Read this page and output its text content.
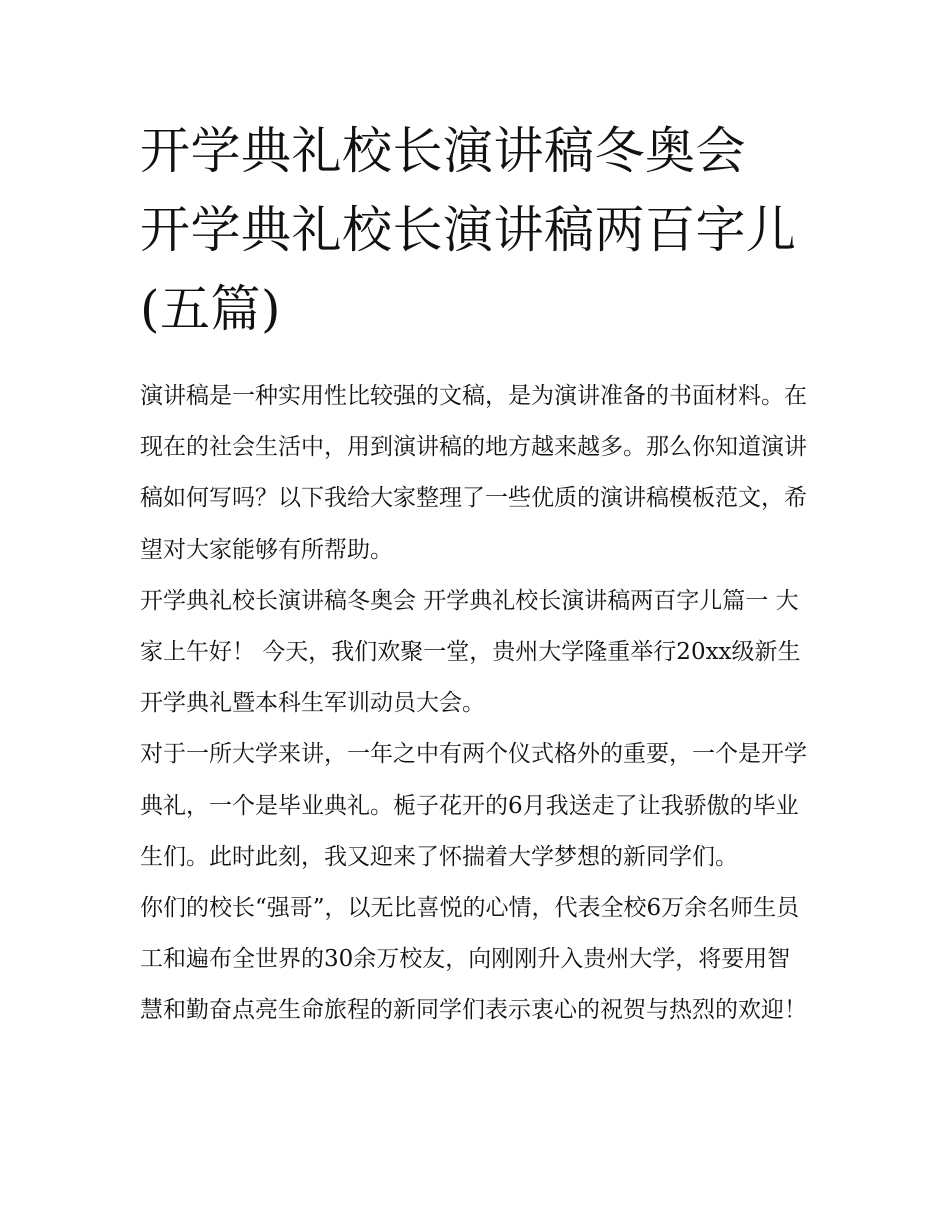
开学典礼校长演讲稿冬奥会 开学典礼校长演讲稿两百字儿(五篇)

演讲稿是一种实用性比较强的文稿，是为演讲准备的书面材料。在现在的社会生活中，用到演讲稿的地方越来越多。那么你知道演讲稿如何写吗？以下我给大家整理了一些优质的演讲稿模板范文，希望对大家能够有所帮助。

开学典礼校长演讲稿冬奥会 开学典礼校长演讲稿两百字儿篇一 大家上午好！ 今天，我们欢聚一堂，贵州大学隆重举行20xx级新生开学典礼暨本科生军训动员大会。

对于一所大学来讲，一年之中有两个仪式格外的重要，一个是开学典礼，一个是毕业典礼。栀子花开的6月我送走了让我骄傲的毕业生们。此时此刻，我又迎来了怀揣着大学梦想的新同学们。

你们的校长“强哥”，以无比喜悦的心情，代表全校6万余名师生员工和遍布全世界的30余万校友，向刚刚升入贵州大学，将要用智慧和勤奋点亮生命旅程的新同学们表示衷心的祝贺与热烈的欢迎！
